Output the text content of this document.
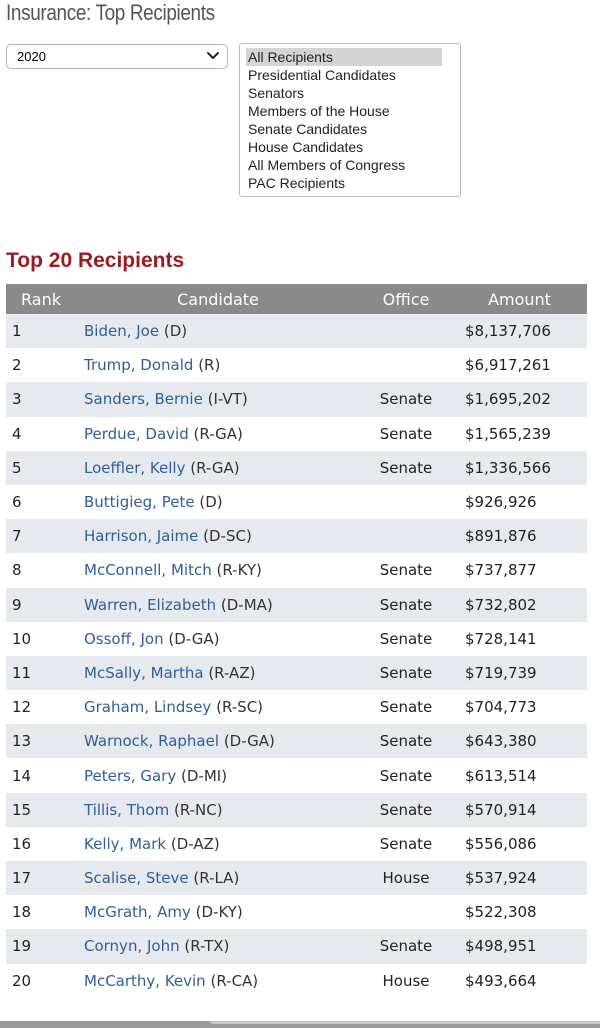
Insurance: Top Recipients
2020	All Recipients
Presidential Candidates
Senators
Members of the House
Senate Candidates
House Candidates
All Members of Congress
PAC Recipients
Top 20 Recipients
Rank	Candidate	Office	Amount
1	Biden, Joe (D)		$8,137,706
2	Trump, Donald (R)		$6,917,261
3	Sanders, Bernie (I-VT)	Senate	$1,695,202
4	Perdue, David (R-GA)	Senate	$1,565,239
5	Loeffler, Kelly (R-GA)	Senate	$1,336,566
6	Buttigieg, Pete (D)		$926,926
7	Harrison, Jaime (D-SC)		$891,876
8	McConnell, Mitch (R-KY)	Senate	$737,877
9	Warren, Elizabeth (D-MA)	Senate	$732,802
10	Ossoff, Jon (D-GA)	Senate	$728,141
11	McSally, Martha (R-AZ)	Senate	$719,739
12	Graham, Lindsey (R-SC)	Senate	$704,773
13	Warnock, Raphael (D-GA)	Senate	$643,380
14	Peters, Gary (D-MI)	Senate	$613,514
15	Tillis, Thom (R-NC)	Senate	$570,914
16	Kelly, Mark (D-AZ)	Senate	$556,086
17	Scalise, Steve (R-LA)	House	$537,924
18	McGrath, Amy (D-KY)		$522,308
19	Cornyn, John (R-TX)	Senate	$498,951
20	McCarthy, Kevin (R-CA)	House	$493,664
